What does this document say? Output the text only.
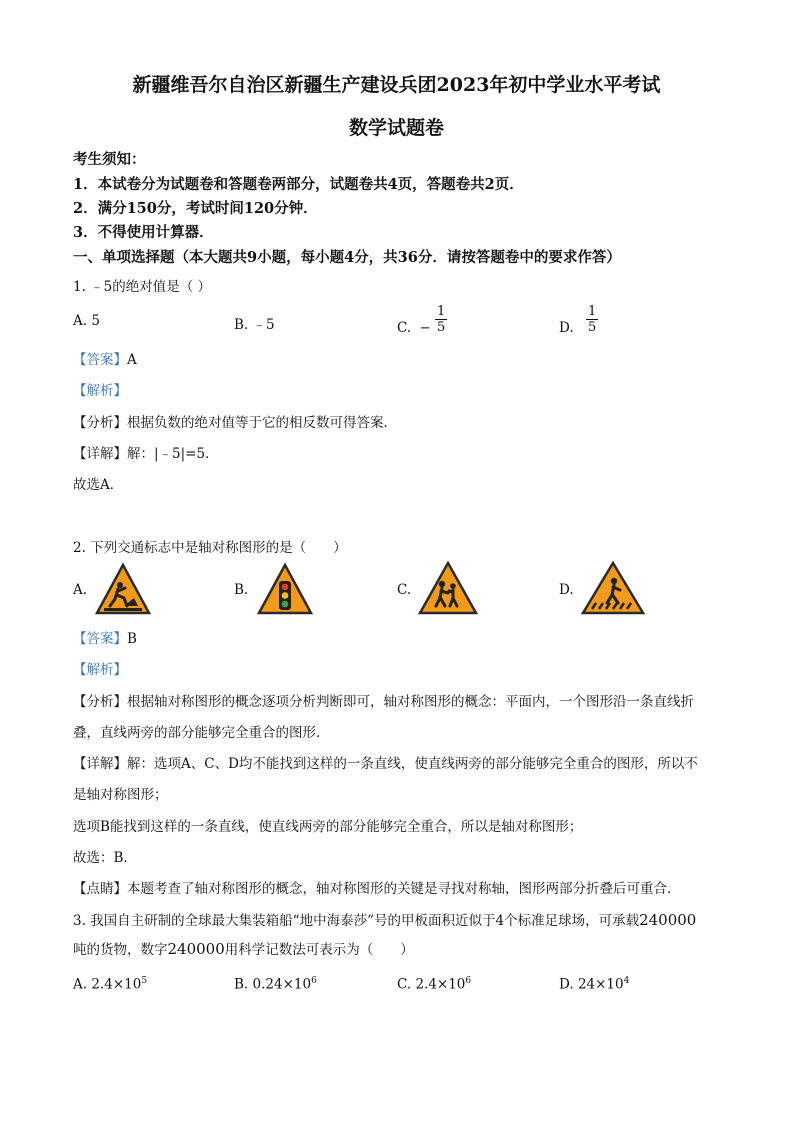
新疆维吾尔自治区新疆生产建设兵团2023年初中学业水平考试
数学试题卷
考生须知：
1．本试卷分为试题卷和答题卷两部分，试题卷共4页，答题卷共2页．
2．满分150分，考试时间120分钟．
3．不得使用计算器．
一、单项选择题（本大题共9小题，每小题4分，共36分．请按答题卷中的要求作答）
1. ﹣5的绝对值是（ ）
A. 5	B. ﹣5	C. − $\frac{1}{5}$	D. $\frac{1}{5}$
【答案】A
【解析】
【分析】根据负数的绝对值等于它的相反数可得答案．
【详解】解：|﹣5|=5．
故选A．
2. 下列交通标志中是轴对称图形的是（　　）
A.	B.	C.	D.
【答案】B
【解析】
【分析】根据轴对称图形的概念逐项分析判断即可，轴对称图形的概念：平面内，一个图形沿一条直线折
叠，直线两旁的部分能够完全重合的图形．
【详解】解：选项A、C、D均不能找到这样的一条直线，使直线两旁的部分能够完全重合的图形，所以不
是轴对称图形；
选项B能找到这样的一条直线，使直线两旁的部分能够完全重合，所以是轴对称图形；
故选：B．
【点睛】本题考查了轴对称图形的概念，轴对称图形的关键是寻找对称轴，图形两部分折叠后可重合．
3. 我国自主研制的全球最大集装箱船“地中海泰莎”号的甲板面积近似于4个标准足球场，可承载240000
吨的货物，数字240000用科学记数法可表示为（　　）
A. $2.4\times 10^5$	B. $0.24\times 10^6$	C. $2.4\times 10^6$	D. $24\times 10^4$
